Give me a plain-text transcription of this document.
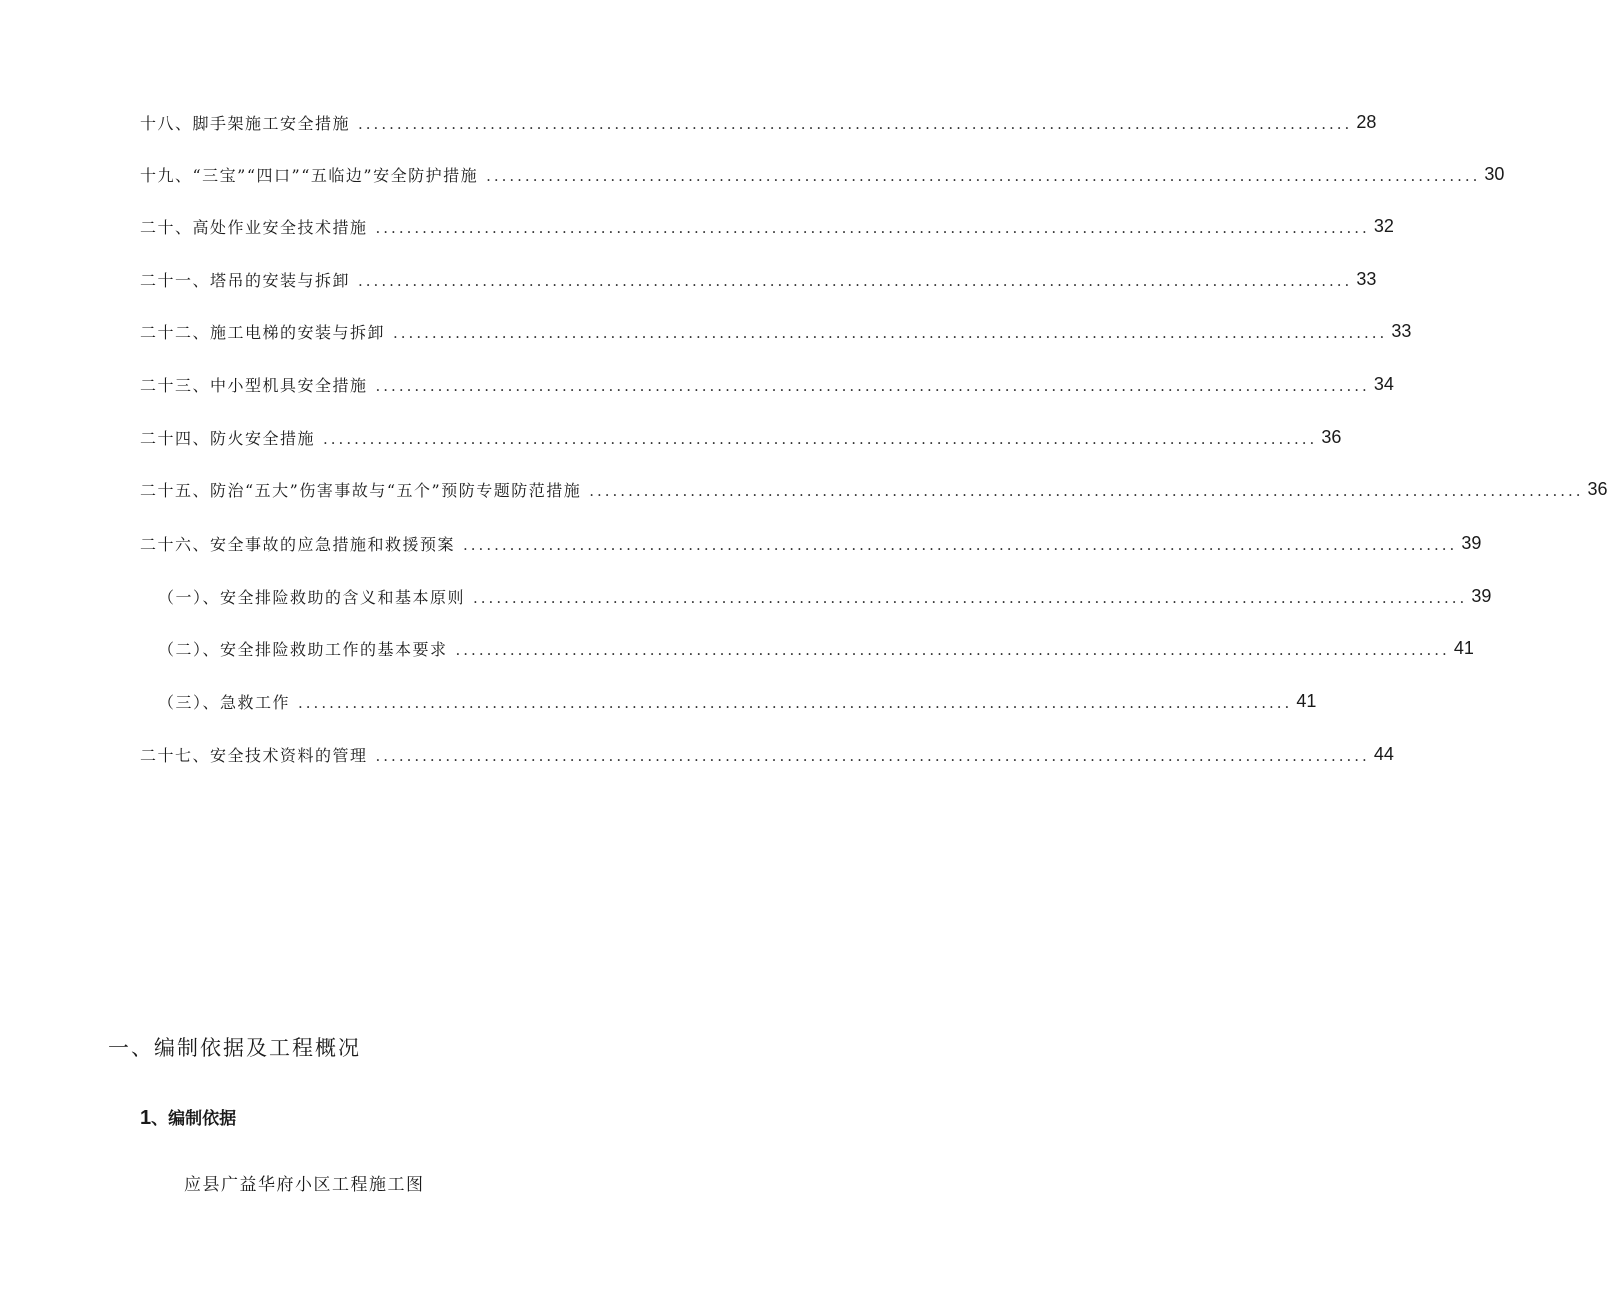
十八、脚手架施工安全措施 ................................................................................................................................ 28
十九、“三宝”“四口”“五临边”安全防护措施 ................................................................................................................................ 30
二十、高处作业安全技术措施 ................................................................................................................................ 32
二十一、塔吊的安装与拆卸 ................................................................................................................................ 33
二十二、施工电梯的安装与拆卸 ................................................................................................................................ 33
二十三、中小型机具安全措施 ................................................................................................................................ 34
二十四、防火安全措施 ................................................................................................................................ 36
二十五、防治“五大”伤害事故与“五个”预防专题防范措施 ................................................................................................................................ 36
二十六、安全事故的应急措施和救援预案 ................................................................................................................................ 39
（一）、安全排险救助的含义和基本原则 ................................................................................................................................ 39
（二）、安全排险救助工作的基本要求 ................................................................................................................................ 41
（三）、急救工作 ................................................................................................................................ 41
二十七、安全技术资料的管理 ................................................................................................................................ 44
一、编制依据及工程概况
1、编制依据

应县广益华府小区工程施工图
